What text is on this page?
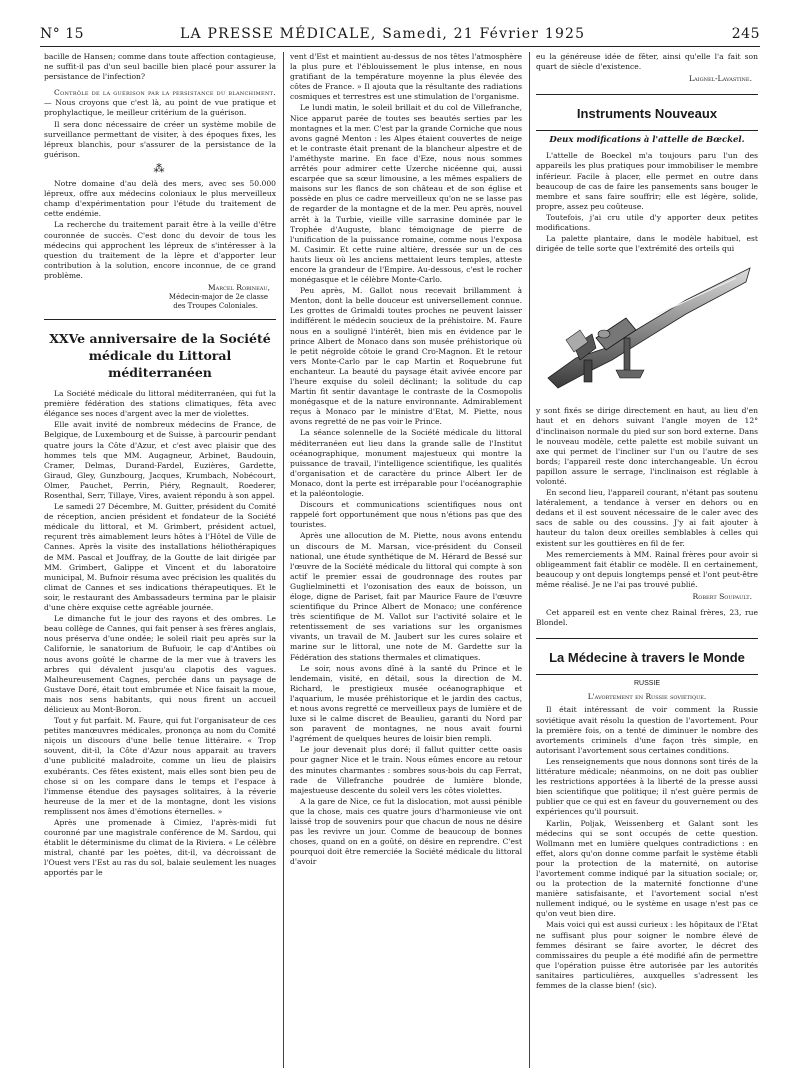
N° 15	LA PRESSE MÉDICALE, Samedi, 21 Février 1925	245

bacille de Hansen; comme dans toute affection contagieuse, ne suffit-il pas d'un seul bacille bien placé pour assurer la persistance de l'infection?

Contrôle de la guérison par la persistance du blanchiment. — Nous croyons que c'est là, au point de vue pratique et prophylactique, le meilleur critérium de la guérison.

Il sera donc nécessaire de créer un système mobile de surveillance permettant de visiter, à des époques fixes, les lépreux blanchis, pour s'assurer de la persistance de la guérison.

⁂

Notre domaine d'au delà des mers, avec ses 50.000 lépreux, offre aux médecins coloniaux le plus merveilleux champ d'expérimentation pour l'étude du traitement de cette endémie.

La recherche du traitement parait être à la veille d'être couronnée de succès. C'est donc du devoir de tous les médecins qui approchent les lépreux de s'intéresser à la question du traitement de la lèpre et d'apporter leur contribution à la solution, encore inconnue, de ce grand problème.

Marcel Robineau,

Médecin-major de 2e classe

des Troupes Coloniales.

XXVe anniversaire de la Société médicale du Littoral méditerranéen

La Société médicale du littoral méditerranéen, qui fut la première fédération des stations climatiques, fêta avec élégance ses noces d'argent avec la mer de violettes.

Elle avait invité de nombreux médecins de France, de Belgique, de Luxembourg et de Suisse, à parcourir pendant quatre jours la Côte d'Azur, et c'est avec plaisir que des hommes tels que MM. Augagneur, Arbinet, Baudouin, Cramer, Delmas, Durand-Fardel, Euzières, Gardette, Giraud, Gley, Gunzbourg, Jacques, Krumbach, Nobécourt, Olmer, Pauchet, Perrin, Piéry, Regnault, Roederer, Rosenthal, Serr, Tillaye, Vires, avaient répondu à son appel.

Le samedi 27 Décembre, M. Guitter, président du Comité de réception, ancien président et fondateur de la Société médicale du littoral, et M. Grimbert, président actuel, reçurent très aimablement leurs hôtes à l'Hôtel de Ville de Cannes. Après la visite des installations héliothérapiques de MM. Pascal et Jouffray, de la Goutte de lait dirigée par MM. Grimbert, Galippe et Vincent et du laboratoire municipal, M. Bufnoir résuma avec précision les qualités du climat de Cannes et ses indications thérapeutiques. Et le soir, le restaurant des Ambassadeurs termina par le plaisir d'une chère exquise cette agréable journée.

Le dimanche fut le jour des rayons et des ombres. Le beau collège de Cannes, qui fait penser à ses frères anglais, nous préserva d'une ondée; le soleil riait peu après sur la Californie, le sanatorium de Bufuoir, le cap d'Antibes où nous avons goûté le charme de la mer vue à travers les arbres qui dévalent jusqu'au clapotis des vagues. Malheureusement Cagnes, perchée dans un paysage de Gustave Doré, était tout embrumée et Nice faisait la moue, mais nos sens habitants, qui nous firent un accueil délicieux au Mont-Boron.

Tout y fut parfait. M. Faure, qui fut l'organisateur de ces petites manœuvres médicales, prononça au nom du Comité niçois un discours d'une belle tenue littéraire. « Trop souvent, dit-il, la Côte d'Azur nous apparait au travers d'une publicité maladroite, comme un lieu de plaisirs exubérants. Ces fêtes existent, mais elles sont bien peu de chose si on les compare dans le temps et l'espace à l'immense étendue des paysages solitaires, à la réverie heureuse de la mer et de la montagne, dont les visions remplissent nos âmes d'émotions éternelles. »

Après une promenade à Cimiez, l'après-midi fut couronné par une magistrale conférence de M. Sardou, qui établit le déterminisme du climat de la Riviera. « Le célèbre mistral, chanté par les poètes, dit-il, va décroissant de l'Ouest vers l'Est au ras du sol, balaie seulement les nuages apportés par le

vent d'Est et maintient au-dessus de nos têtes l'atmosphère la plus pure et l'éblouissement le plus intense, en nous gratifiant de la température moyenne la plus élevée des côtes de France. » Il ajouta que la résultante des radiations cosmiques et terrestres est une stimulation de l'organisme.

Le lundi matin, le soleil brillait et du col de Villefranche, Nice apparut parée de toutes ses beautés serties par les montagnes et la mer. C'est par la grande Corniche que nous avons gagné Menton : les Alpes étaient couvertes de neige et le contraste était prenant de la blancheur alpestre et de l'améthyste marine. En face d'Eze, nous nous sommes arrêtés pour admirer cette Uzerche nicéenne qui, aussi escarpée que sa sœur limousine, a les mêmes espaliers de maisons sur les flancs de son château et de son église et possède en plus ce cadre merveilleux qu'on ne se lasse pas de regarder de la montagne et de la mer. Peu après, nouvel arrêt à la Turbie, vieille ville sarrasine dominée par le Trophée d'Auguste, blanc témoignage de pierre de l'unification de la puissance romaine, comme nous l'exposa M. Casimir. Et cette ruine altière, dressée sur un de ces hauts lieux où les anciens mettaient leurs temples, atteste encore la grandeur de l'Empire. Au-dessous, c'est le rocher monégasque et le célèbre Monte-Carlo.

Peu après, M. Gallot nous recevait brillamment à Menton, dont la belle douceur est universellement connue. Les grottes de Grimaldi toutes proches ne peuvent laisser indifférent le médecin soucieux de la préhistoire. M. Faure nous en a souligné l'intérêt, bien mis en évidence par le prince Albert de Monaco dans son musée préhistorique où le petit négroïde côtoie le grand Cro-Magnon. Et le retour vers Monte-Carlo par le cap Martin et Roquebrune fut enchanteur. La beauté du paysage était avivée encore par l'heure exquise du soleil déclinant; la solitude du cap Martin fit sentir davantage le contraste de la Cosmopolis monégasque et de la nature environnante. Admirablement reçus à Monaco par le ministre d'Etat, M. Piette, nous avons regretté de ne pas voir le Prince.

La séance solennelle de la Société médicale du littoral méditerranéen eut lieu dans la grande salle de l'Institut océanographique, monument majestueux qui montre la puissance de travail, l'intelligence scientifique, les qualités d'organisation et de caractère du prince Albert Ier de Monaco, dont la perte est irréparable pour l'océanographie et la paléontologie.

Discours et communications scientifiques nous ont rappelé fort opportunément que nous n'étions pas que des touristes.

Après une allocution de M. Piette, nous avons entendu un discours de M. Marsan, vice-président du Conseil national, une étude synthétique de M. Hérard de Bessé sur l'œuvre de la Société médicale du littoral qui compte à son actif le premier essai de goudronnage des routes par Guglielminetti et l'ozonisation des eaux de boisson, un éloge, digne de Pariset, fait par Maurice Faure de l'œuvre scientifique du Prince Albert de Monaco; une conférence très scientifique de M. Vallot sur l'activité solaire et le retentissement de ses variations sur les organismes vivants, un travail de M. Jaubert sur les cures solaire et marine sur le littoral, une note de M. Gardette sur la Fédération des stations thermales et climatiques.

Le soir, nous avons dîné à la santé du Prince et le lendemain, visité, en détail, sous la direction de M. Richard, le prestigieux musée océanographique et l'aquarium, le musée préhistorique et le jardin des cactus, et nous avons regretté ce merveilleux pays de lumière et de luxe si le calme discret de Beaulieu, garanti du Nord par son paravent de montagnes, ne nous avait fourni l'agrément de quelques heures de loisir bien rempli.

Le jour devenait plus doré; il fallut quitter cette oasis pour gagner Nice et le train. Nous eûmes encore au retour des minutes charmantes : sombres sous-bois du cap Ferrat, rade de Villefranche poudrée de lumière blonde, majestueuse descente du soleil vers les côtes violettes.

A la gare de Nice, ce fut la dislocation, mot aussi pénible que la chose, mais ces quatre jours d'harmonieuse vie ont laissé trop de souvenirs pour que chacun de nous ne désire pas les revivre un jour. Comme de beaucoup de bonnes choses, quand on en a goûté, on désire en reprendre. C'est pourquoi doit être remerciée la Société médicale du littoral d'avoir

eu la généreuse idée de fêter, ainsi qu'elle l'a fait son quart de siècle d'existence.

Laignel-Lavastine.
Instruments Nouveaux
Deux modifications à l'attelle de Bœckel.

L'attelle de Boeckel m'a toujours paru l'un des appareils les plus pratiques pour immobiliser le membre inférieur. Facile à placer, elle permet en outre dans beaucoup de cas de faire les pansements sans bouger le membre et sans faire souffrir; elle est légère, solide, propre, assez peu coûteuse.

Toutefois, j'ai cru utile d'y apporter deux petites modifications.

La palette plantaire, dans le modèle habituel, est dirigée de telle sorte que l'extrémité des orteils qui

y sont fixés se dirige directement en haut, au lieu d'en haut et en dehors suivant l'angle moyen de 12° d'inclinaison normale du pied sur son bord externe. Dans le nouveau modèle, cette palette est mobile suivant un axe qui permet de l'incliner sur l'un ou l'autre de ses bords; l'appareil reste donc interchangeable. Un écrou papillon assure le serrage, l'inclinaison est réglable à volonté.

En second lieu, l'appareil courant, n'étant pas soutenu latéralement, a tendance à verser en dehors ou en dedans et il est souvent nécessaire de le caler avec des sacs de sable ou des coussins. J'y ai fait ajouter à hauteur du talon deux oreilles semblables à celles qui existent sur les gouttières en fil de fer.

Mes remerciements à MM. Rainal frères pour avoir si obligeamment fait établir ce modèle. Il en certainement, beaucoup y ont depuis longtemps pensé et l'ont peut-être même réalisé. Je ne l'ai pas trouvé publié.

Robert Soupault.

Cet appareil est en vente chez Rainal frères, 23, rue Blondel.

La Médecine à travers le Monde
RUSSIE
L'avortement en Russie soviétique.

Il était intéressant de voir comment la Russie soviétique avait résolu la question de l'avortement. Pour la première fois, on a tenté de diminuer le nombre des avortements criminels d'une façon très simple, en autorisant l'avortement sous certaines conditions.

Les renseignements que nous donnons sont tirés de la littérature médicale; néanmoins, on ne doit pas oublier les restrictions apportées à la liberté de la presse aussi bien scientifique que politique; il n'est guère permis de publier que ce qui est en faveur du gouvernement ou des expériences qu'il poursuit.

Karlin, Poljak, Weissenberg et Galant sont les médecins qui se sont occupés de cette question. Wollmann met en lumière quelques contradictions : en effet, alors qu'on donne comme parfait le système établi pour la protection de la maternité, on autorise l'avortement comme indiqué par la situation sociale; or, ou la protection de la maternité fonctionne d'une manière satisfaisante, et l'avortement social n'est nullement indiqué, ou le système en usage n'est pas ce qu'on veut bien dire.

Mais voici qui est aussi curieux : les hôpitaux de l'Etat ne suffisant plus pour soigner le nombre élevé de femmes désirant se faire avorter, le décret des commissaires du peuple a été modifié afin de permettre que l'opération puisse être autorisée par les autorités sanitaires particulières, auxquelles s'adressent les femmes de la classe bien! (sic).
